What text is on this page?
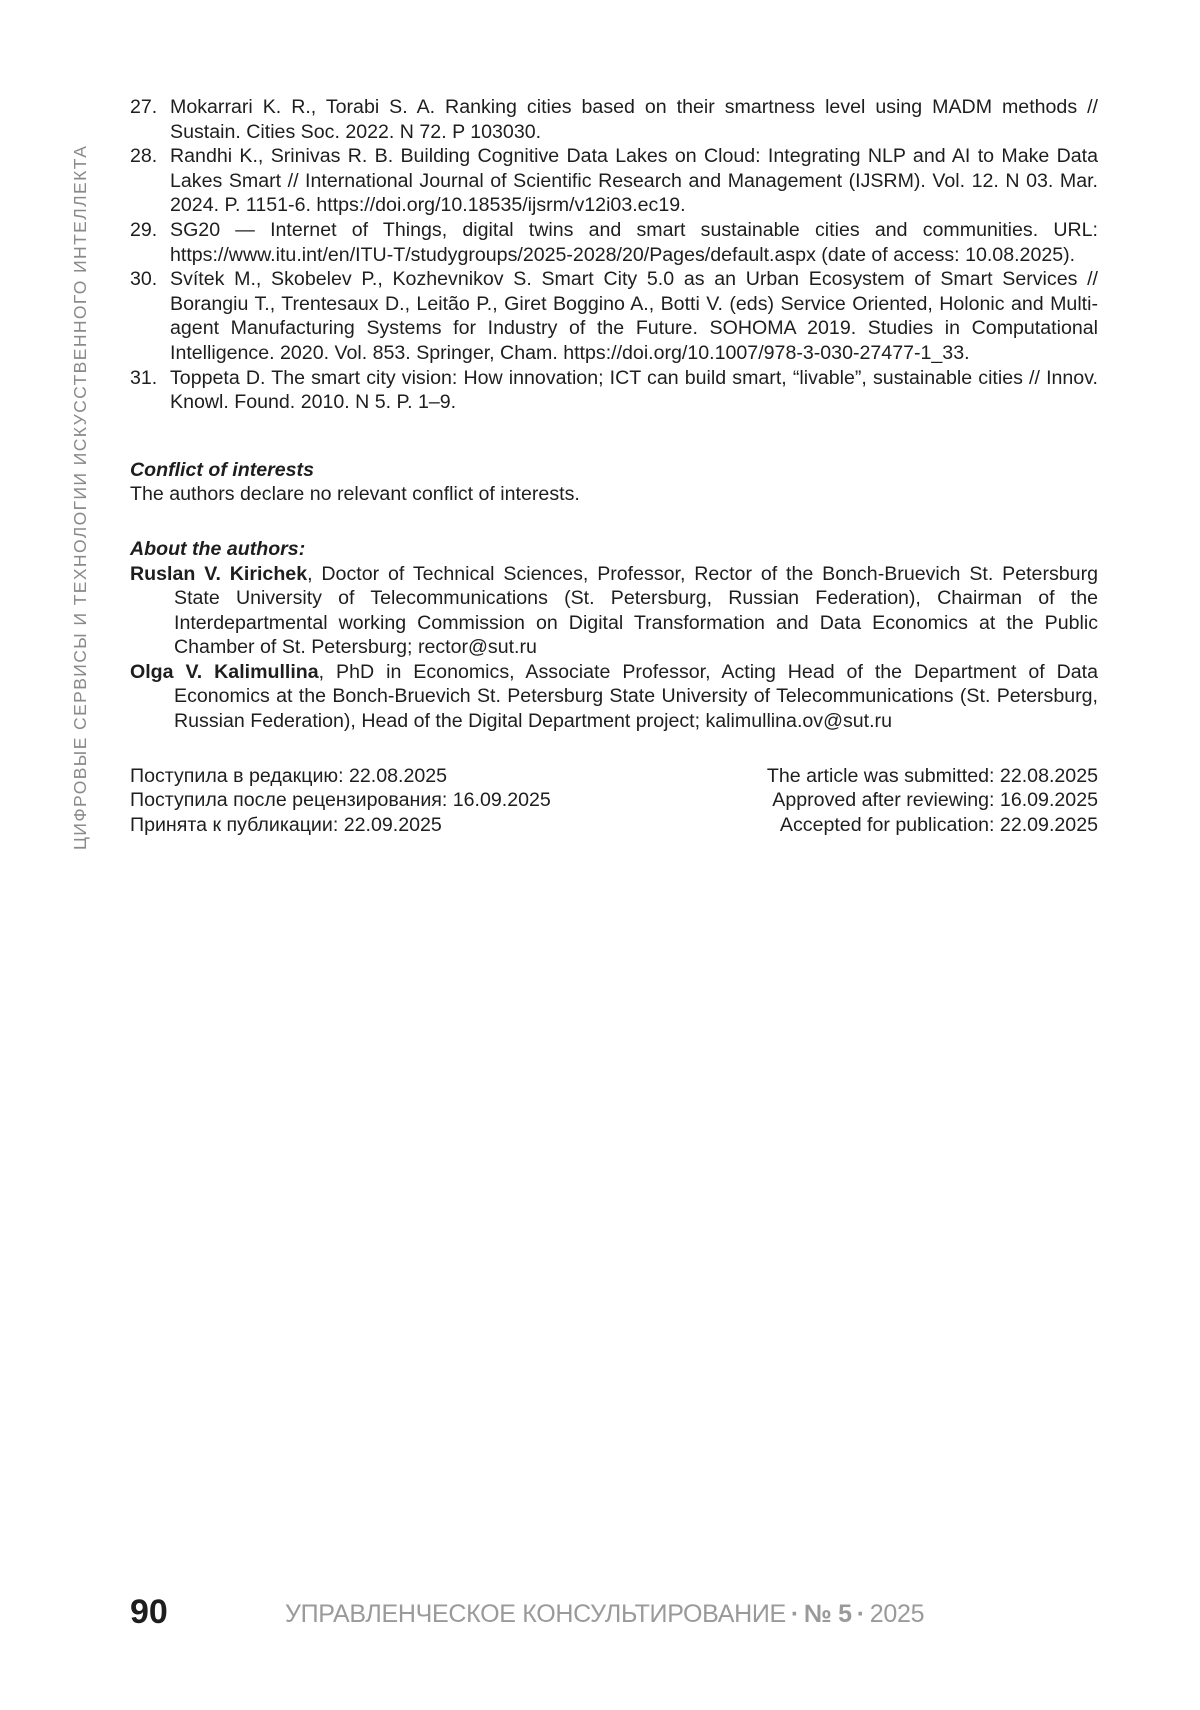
ЦИФРОВЫЕ СЕРВИСЫ И ТЕХНОЛОГИИ ИСКУССТВЕННОГО ИНТЕЛЛЕКТА
27. Mokarrari K. R., Torabi S. A. Ranking cities based on their smartness level using MADM methods // Sustain. Cities Soc. 2022. N 72. P 103030.
28. Randhi K., Srinivas R. B. Building Cognitive Data Lakes on Cloud: Integrating NLP and AI to Make Data Lakes Smart // International Journal of Scientific Research and Management (IJSRM). Vol. 12. N 03. Mar. 2024. P. 1151-6. https://doi.org/10.18535/ijsrm/v12i03.ec19.
29. SG20 — Internet of Things, digital twins and smart sustainable cities and communities. URL: https://www.itu.int/en/ITU-T/studygroups/2025-2028/20/Pages/default.aspx (date of access: 10.08.2025).
30. Svítek M., Skobelev P., Kozhevnikov S. Smart City 5.0 as an Urban Ecosystem of Smart Services // Borangiu T., Trentesaux D., Leitão P., Giret Boggino A., Botti V. (eds) Service Oriented, Holonic and Multi-agent Manufacturing Systems for Industry of the Future. SOHOMA 2019. Studies in Computational Intelligence. 2020. Vol. 853. Springer, Cham. https://doi.org/10.1007/978-3-030-27477-1_33.
31. Toppeta D. The smart city vision: How innovation; ICT can build smart, “livable”, sustainable cities // Innov. Knowl. Found. 2010. N 5. P. 1–9.
Conflict of interests
The authors declare no relevant conflict of interests.
About the authors:
Ruslan V. Kirichek, Doctor of Technical Sciences, Professor, Rector of the Bonch-Bruevich St. Petersburg State University of Telecommunications (St. Petersburg, Russian Federation), Chairman of the Interdepartmental working Commission on Digital Transformation and Data Economics at the Public Chamber of St. Petersburg; rector@sut.ru
Olga V. Kalimullina, PhD in Economics, Associate Professor, Acting Head of the Department of Data Economics at the Bonch-Bruevich St. Petersburg State University of Telecommunications (St. Petersburg, Russian Federation), Head of the Digital Department project; kalimullina.ov@sut.ru
Поступила в редакцию: 22.08.2025
Поступила после рецензирования: 16.09.2025
Принята к публикации: 22.09.2025
The article was submitted: 22.08.2025
Approved after reviewing: 16.09.2025
Accepted for publication: 22.09.2025
90	УПРАВЛЕНЧЕСКОЕ КОНСУЛЬТИРОВАНИЕ · № 5 · 2025
